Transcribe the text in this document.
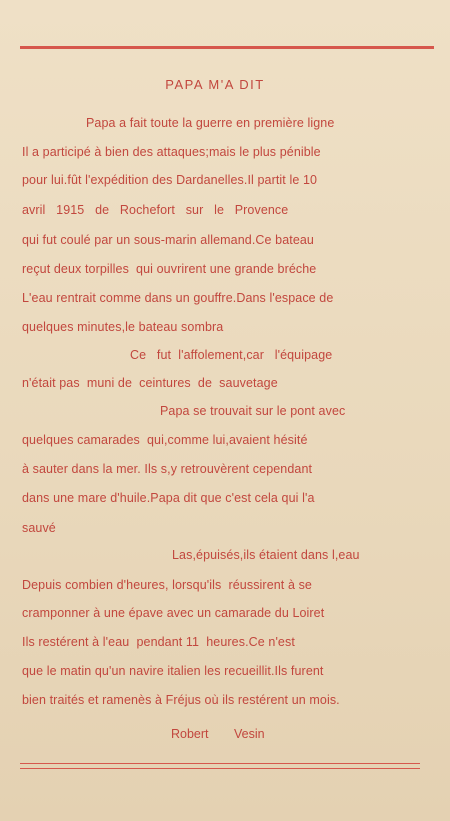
PAPA M'A DIT
Papa a fait toute la guerre en première ligne
Il a participé à bien des attaques;mais le plus pénible
pour lui.fût l'expédition des Dardanelles.Il partit le 10
avril   1915   de   Rochefort   sur   le   Provence
qui fut coulé par un sous-marin allemand.Ce bateau
reçut deux torpilles  qui ouvrirent une grande bréche
L'eau rentrait comme dans un gouffre.Dans l'espace de
quelques minutes,le bateau sombra
Ce   fut  l'affolement,car   l'équipage
n'était pas  muni de  ceintures  de  sauvetage
Papa se trouvait sur le pont avec
quelques camarades  qui,comme lui,avaient hésité
à sauter dans la mer. Ils s,y retrouvèrent cependant
dans une mare d'huile.Papa dit que c'est cela qui l'a
sauvé
Las,épuisés,ils étaient dans l,eau
Depuis combien d'heures, lorsqu'ils  réussirent à se
cramponner à une épave avec un camarade du Loiret
Ils restérent à l'eau  pendant 11  heures.Ce n'est
que le matin qu'un navire italien les recueillit.Ils furent
bien traités et ramenès à Fréjus où ils restérent un mois.
Robert Vesin
